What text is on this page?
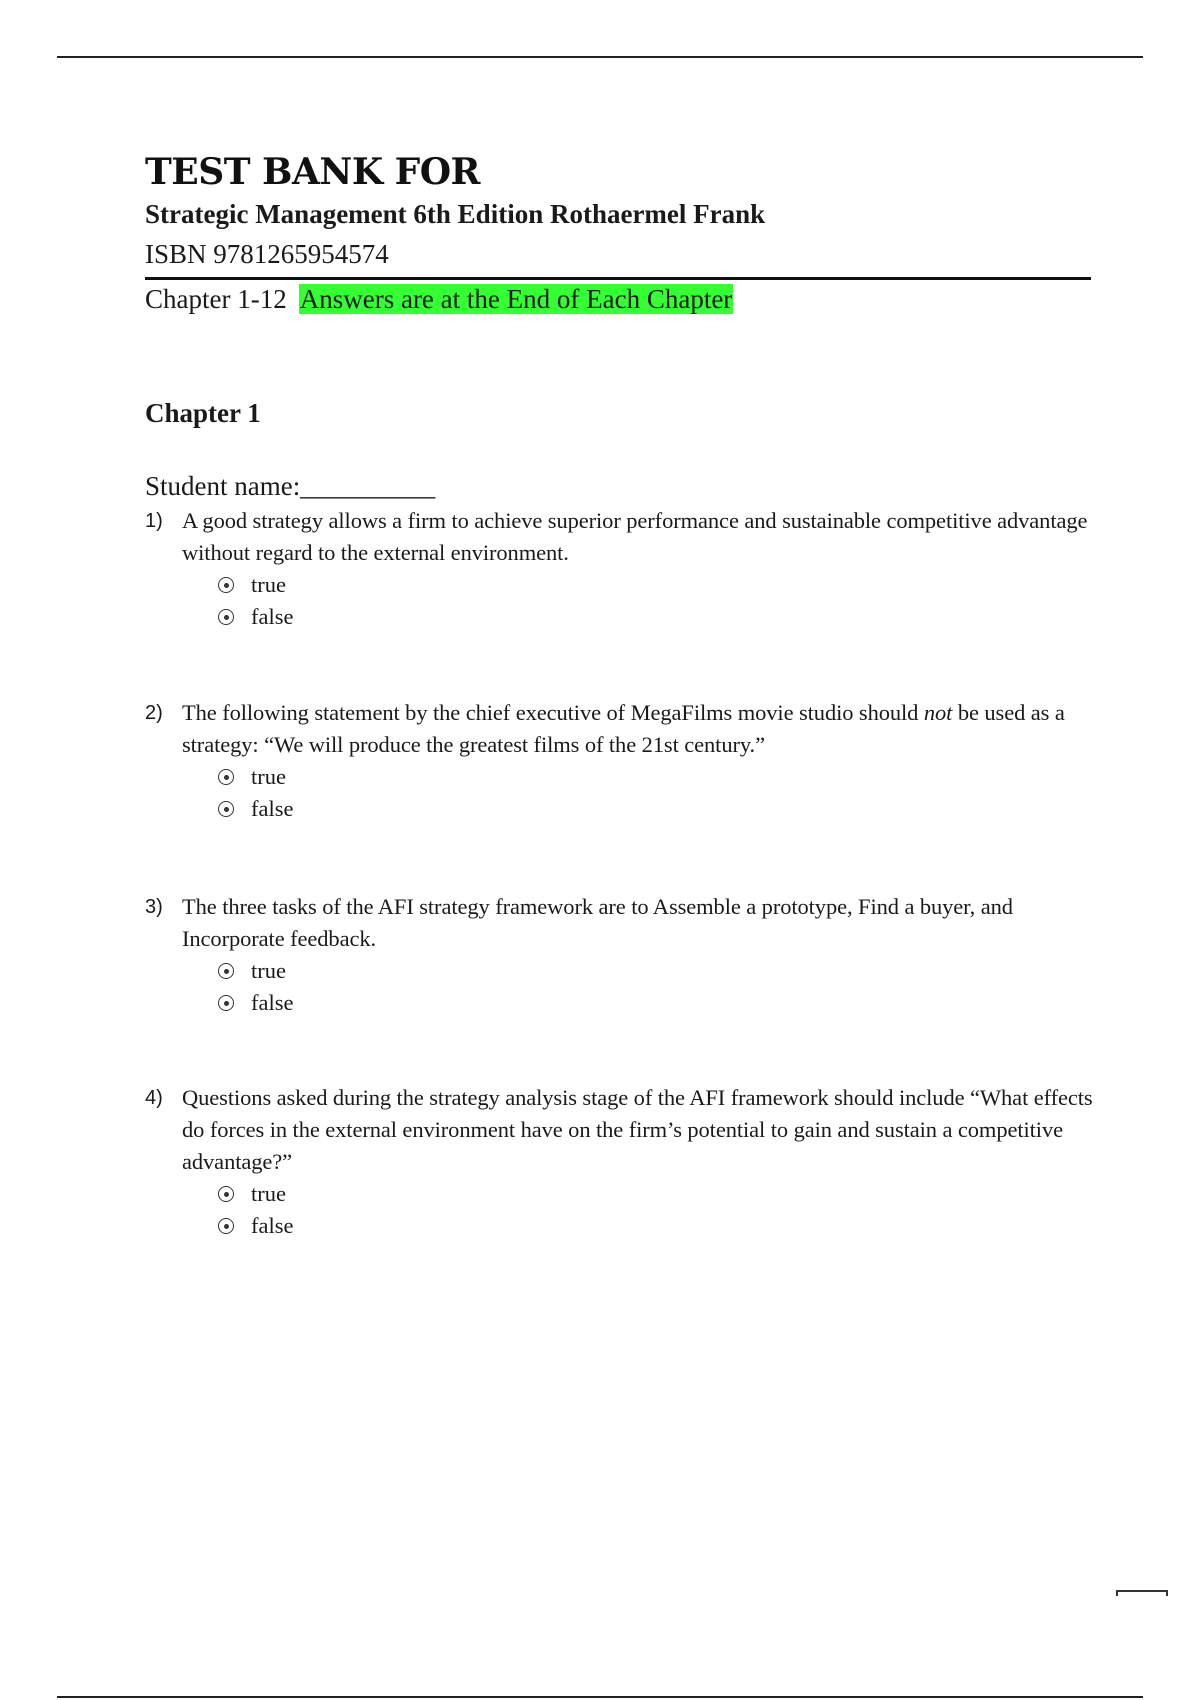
TEST BANK FOR

Strategic Management 6th Edition Rothaermel Frank

ISBN 9781265954574

Chapter 1-12 Answers are at the End of Each Chapter

Chapter 1

Student name:__________

1) A good strategy allows a firm to achieve superior performance and sustainable competitive advantage without regard to the external environment.
true
false
2) The following statement by the chief executive of MegaFilms movie studio should not be used as a strategy: “We will produce the greatest films of the 21st century.”
true
false
3) The three tasks of the AFI strategy framework are to Assemble a prototype, Find a buyer, and Incorporate feedback.
true
false
4) Questions asked during the strategy analysis stage of the AFI framework should include “What effects do forces in the external environment have on the firm’s potential to gain and sustain a competitive advantage?”
true
false
